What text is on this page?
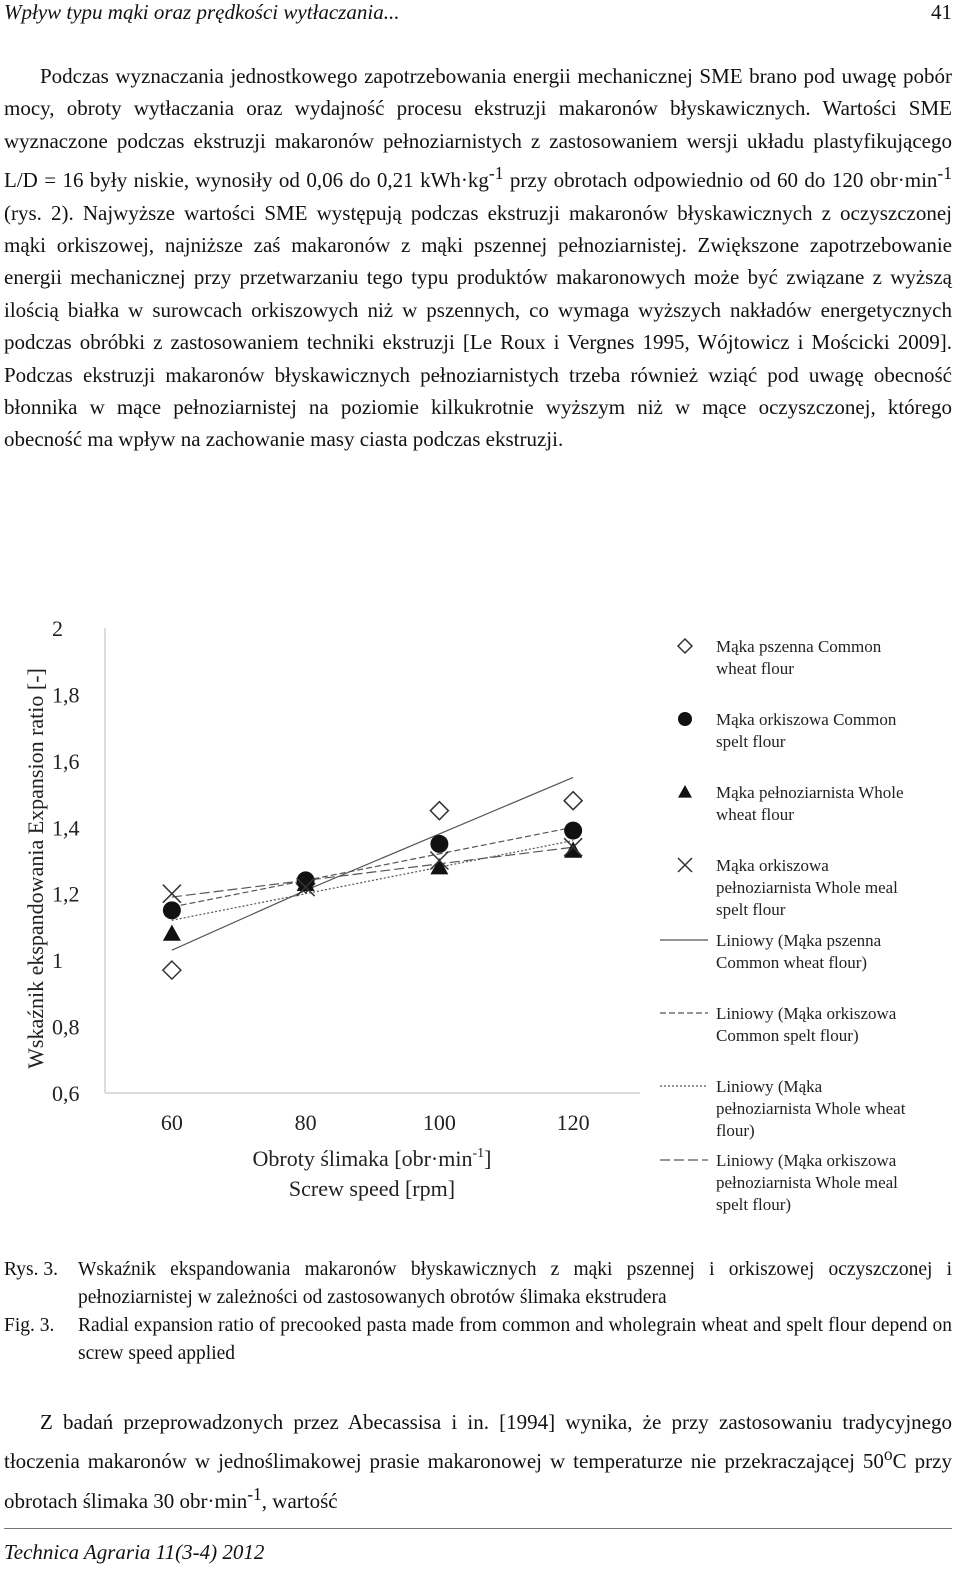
Wpływ typu mąki oraz prędkości wytłaczania...	41

Podczas wyznaczania jednostkowego zapotrzebowania energii mechanicznej SME brano pod uwagę pobór mocy, obroty wytłaczania oraz wydajność procesu ekstruzji makaronów błyskawicznych. Wartości SME wyznaczone podczas ekstruzji makaronów pełnoziarnistych z zastosowaniem wersji układu plastyfikującego L/D = 16 były niskie, wynosiły od 0,06 do 0,21 $kWh\cdot kg^{-1}$ przy obrotach odpowiednio od 60 do 120 $obr\cdot\min^{-1}$ (rys. 2). Najwyższe wartości SME występują podczas ekstruzji makaronów błyskawicznych z oczyszczonej mąki orkiszowej, najniższe zaś makaronów z mąki pszennej pełnoziarnistej. Zwiększone zapotrzebowanie energii mechanicznej przy przetwarzaniu tego typu produktów makaronowych może być związane z wyższą ilością białka w surowcach orkiszowych niż w pszennych, co wymaga wyższych nakładów energetycznych podczas obróbki z zastosowaniem techniki ekstruzji [Le Roux i Vergnes 1995, Wójtowicz i Mościcki 2009]. Podczas ekstruzji makaronów błyskawicznych pełnoziarnistych trzeba również wziąć pod uwagę obecność błonnika w mące pełnoziarnistej na poziomie kilkukrotnie wyższym niż w mące oczyszczonej, którego obecność ma wpływ na zachowanie masy ciasta podczas ekstruzji.

0,6
0,8
1
1,2
1,4
1,6
1,8
2
60	80	100	120
Obroty ślimaka $[obr\cdot\min^{-1}]$
Screw speed [rpm]
Wskaźnik ekspandowania Expansion ratio [-]
Mąka pszenna Common
wheat flour
Mąka orkiszowa Common
spelt flour
Mąka pełnoziarnista Whole
wheat flour
Mąka orkiszowa
pełnoziarnista Whole meal
spelt flour
Liniowy (Mąka pszenna
Common wheat flour)
Liniowy (Mąka orkiszowa
Common spelt flour)
Liniowy (Mąka
pełnoziarnista Whole wheat
flour)
Liniowy (Mąka orkiszowa
pełnoziarnista Whole meal
spelt flour)
Rys. 3.	Wskaźnik ekspandowania makaronów błyskawicznych z mąki pszennej i orkiszowej oczyszczonej i pełnoziarnistej w zależności od zastosowanych obrotów ślimaka ekstrudera
Fig. 3.	Radial expansion ratio of precooked pasta made from common and wholegrain wheat and spelt flour depend on screw speed applied

Z badań przeprowadzonych przez Abecassisa i in. [1994] wynika, że przy zastosowaniu tradycyjnego tłoczenia makaronów w jednoślimakowej prasie makaronowej w temperaturze nie przekraczającej 50$^o$C przy obrotach ślimaka 30 $obr\cdot\min^{-1}$, wartość

Technica Agraria 11(3-4) 2012
